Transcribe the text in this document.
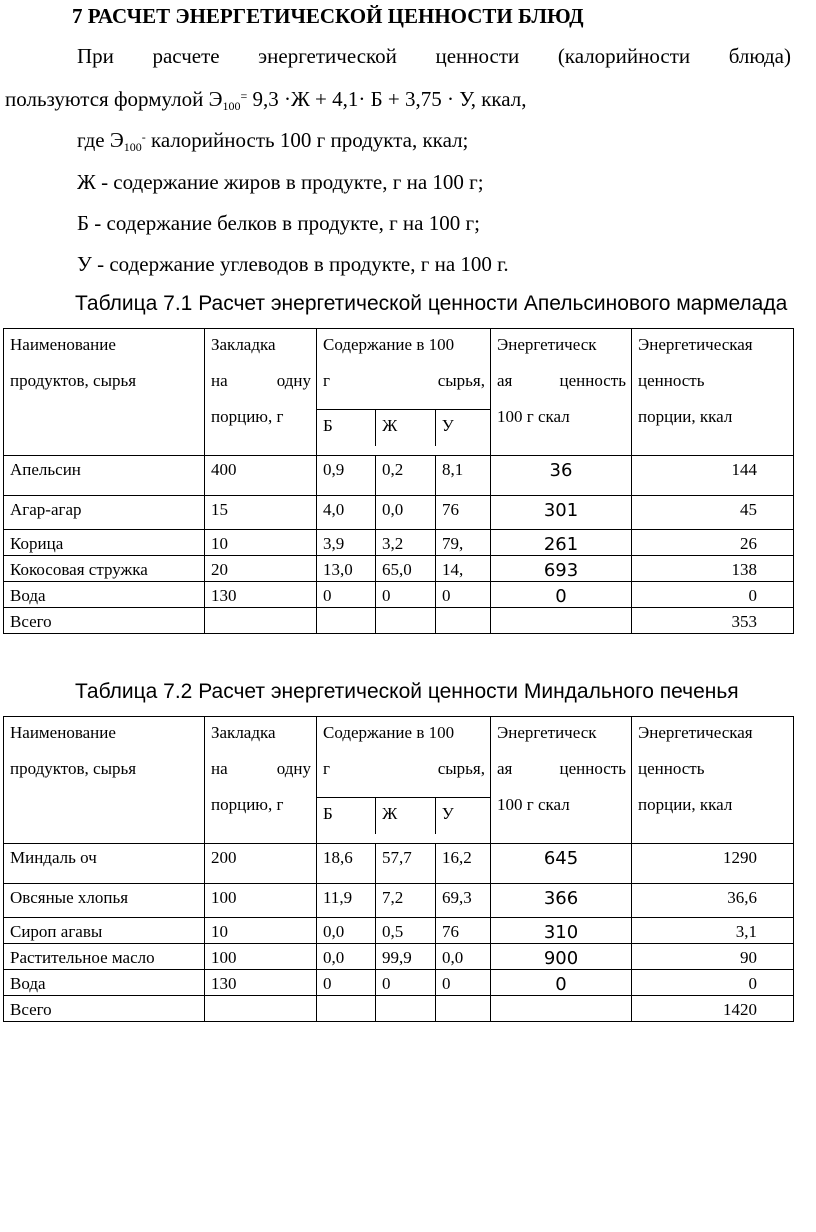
7 РАСЧЕТ ЭНЕРГЕТИЧЕСКОЙ ЦЕННОСТИ БЛЮД
При расчете энергетической ценности (калорийности блюда)
пользуются формулой $Э_{100}^=$ 9,3 ·Ж + 4,1· Б + 3,75 · У, ккал,
где $Э_{100}^-$ калорийность 100 г продукта, ккал;
Ж - содержание жиров в продукте, г на 100 г;
Б - содержание белков в продукте, г на 100 г;
У - содержание углеводов в продукте, г на 100 г.
Таблица 7.1 Расчет энергетической ценности Апельсинового мармелада
Наименование
продуктов, сырья

Закладка
на	одну
порцию, г

Содержание в 100
г	сырья,
Б	Ж	У

Энергетическ
ая	ценность
100 г скал

Энергетическая
ценность
порции, ккал

Апельсин	400	0,9	0,2	8,1	36	144
Агар-агар	15	4,0	0,0	76	301	45
Корица	10	3,9	3,2	79,	261	26
Кокосовая стружка	20	13,0	65,0	14,	693	138
Вода	130	0	0	0	0	0
Всего						353
Таблица 7.2 Расчет энергетической ценности Миндального печенья
Наименование
продуктов, сырья

Закладка
на	одну
порцию, г

Содержание в 100
г	сырья,
Б	Ж	У

Энергетическ
ая	ценность
100 г скал

Энергетическая
ценность
порции, ккал

Миндаль оч	200	18,6	57,7	16,2	645	1290
Овсяные хлопья	100	11,9	7,2	69,3	366	36,6
Сироп агавы	10	0,0	0,5	76	310	3,1
Растительное масло	100	0,0	99,9	0,0	900	90
Вода	130	0	0	0	0	0
Всего						1420
